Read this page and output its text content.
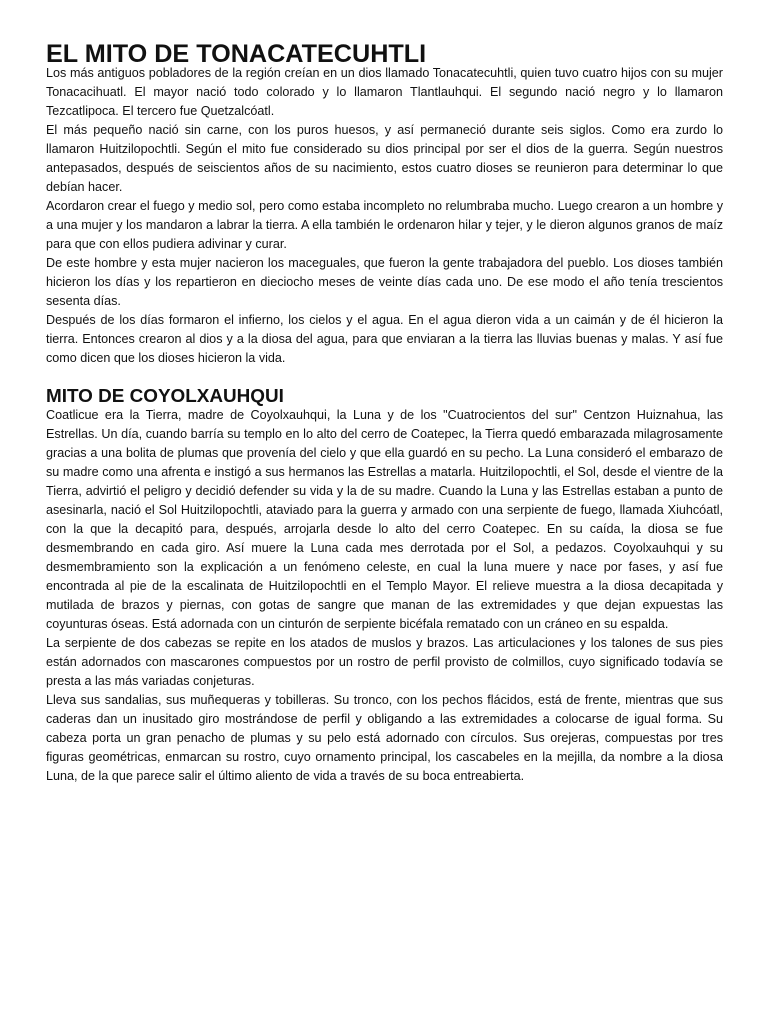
EL MITO DE TONACATECUHTLI

Los más antiguos pobladores de la región creían en un dios llamado Tonacatecuhtli, quien tuvo cuatro hijos con su mujer Tonacacihuatl. El mayor nació todo colorado y lo llamaron Tlantlauhqui. El segundo nació negro y lo llamaron Tezcatlipoca. El tercero fue Quetzalcóatl.

El más pequeño nació sin carne, con los puros huesos, y así permaneció durante seis siglos. Como era zurdo lo llamaron Huitzilopochtli. Según el mito fue considerado su dios principal por ser el dios de la guerra. Según nuestros antepasados, después de seiscientos años de su nacimiento, estos cuatro dioses se reunieron para determinar lo que debían hacer.

Acordaron crear el fuego y medio sol, pero como estaba incompleto no relumbraba mucho. Luego crearon a un hombre y a una mujer y los mandaron a labrar la tierra. A ella también le ordenaron hilar y tejer, y le dieron algunos granos de maíz para que con ellos pudiera adivinar y curar.

De este hombre y esta mujer nacieron los maceguales, que fueron la gente trabajadora del pueblo. Los dioses también hicieron los días y los repartieron en dieciocho meses de veinte días cada uno. De ese modo el año tenía trescientos sesenta días.

Después de los días formaron el infierno, los cielos y el agua. En el agua dieron vida a un caimán y de él hicieron la tierra. Entonces crearon al dios y a la diosa del agua, para que enviaran a la tierra las lluvias buenas y malas. Y así fue como dicen que los dioses hicieron la vida.

MITO DE COYOLXAUHQUI

Coatlicue era la Tierra, madre de Coyolxauhqui, la Luna y de los "Cuatrocientos del sur" Centzon Huiznahua, las Estrellas. Un día, cuando barría su templo en lo alto del cerro de Coatepec, la Tierra quedó embarazada milagrosamente gracias a una bolita de plumas que provenía del cielo y que ella guardó en su pecho. La Luna consideró el embarazo de su madre como una afrenta e instigó a sus hermanos las Estrellas a matarla. Huitzilopochtli, el Sol, desde el vientre de la Tierra, advirtió el peligro y decidió defender su vida y la de su madre. Cuando la Luna y las Estrellas estaban a punto de asesinarla, nació el Sol Huitzilopochtli, ataviado para la guerra y armado con una serpiente de fuego, llamada Xiuhcóatl, con la que la decapitó para, después, arrojarla desde lo alto del cerro Coatepec. En su caída, la diosa se fue desmembrando en cada giro. Así muere la Luna cada mes derrotada por el Sol, a pedazos. Coyolxauhqui y su desmembramiento son la explicación a un fenómeno celeste, en cual la luna muere y nace por fases, y así fue encontrada al pie de la escalinata de Huitzilopochtli en el Templo Mayor. El relieve muestra a la diosa decapitada y mutilada de brazos y piernas, con gotas de sangre que manan de las extremidades y que dejan expuestas las coyunturas óseas. Está adornada con un cinturón de serpiente bicéfala rematado con un cráneo en su espalda.

La serpiente de dos cabezas se repite en los atados de muslos y brazos. Las articulaciones y los talones de sus pies están adornados con mascarones compuestos por un rostro de perfil provisto de colmillos, cuyo significado todavía se presta a las más variadas conjeturas.

Lleva sus sandalias, sus muñequeras y tobilleras. Su tronco, con los pechos flácidos, está de frente, mientras que sus caderas dan un inusitado giro mostrándose de perfil y obligando a las extremidades a colocarse de igual forma. Su cabeza porta un gran penacho de plumas y su pelo está adornado con círculos. Sus orejeras, compuestas por tres figuras geométricas, enmarcan su rostro, cuyo ornamento principal, los cascabeles en la mejilla, da nombre a la diosa Luna, de la que parece salir el último aliento de vida a través de su boca entreabierta.
